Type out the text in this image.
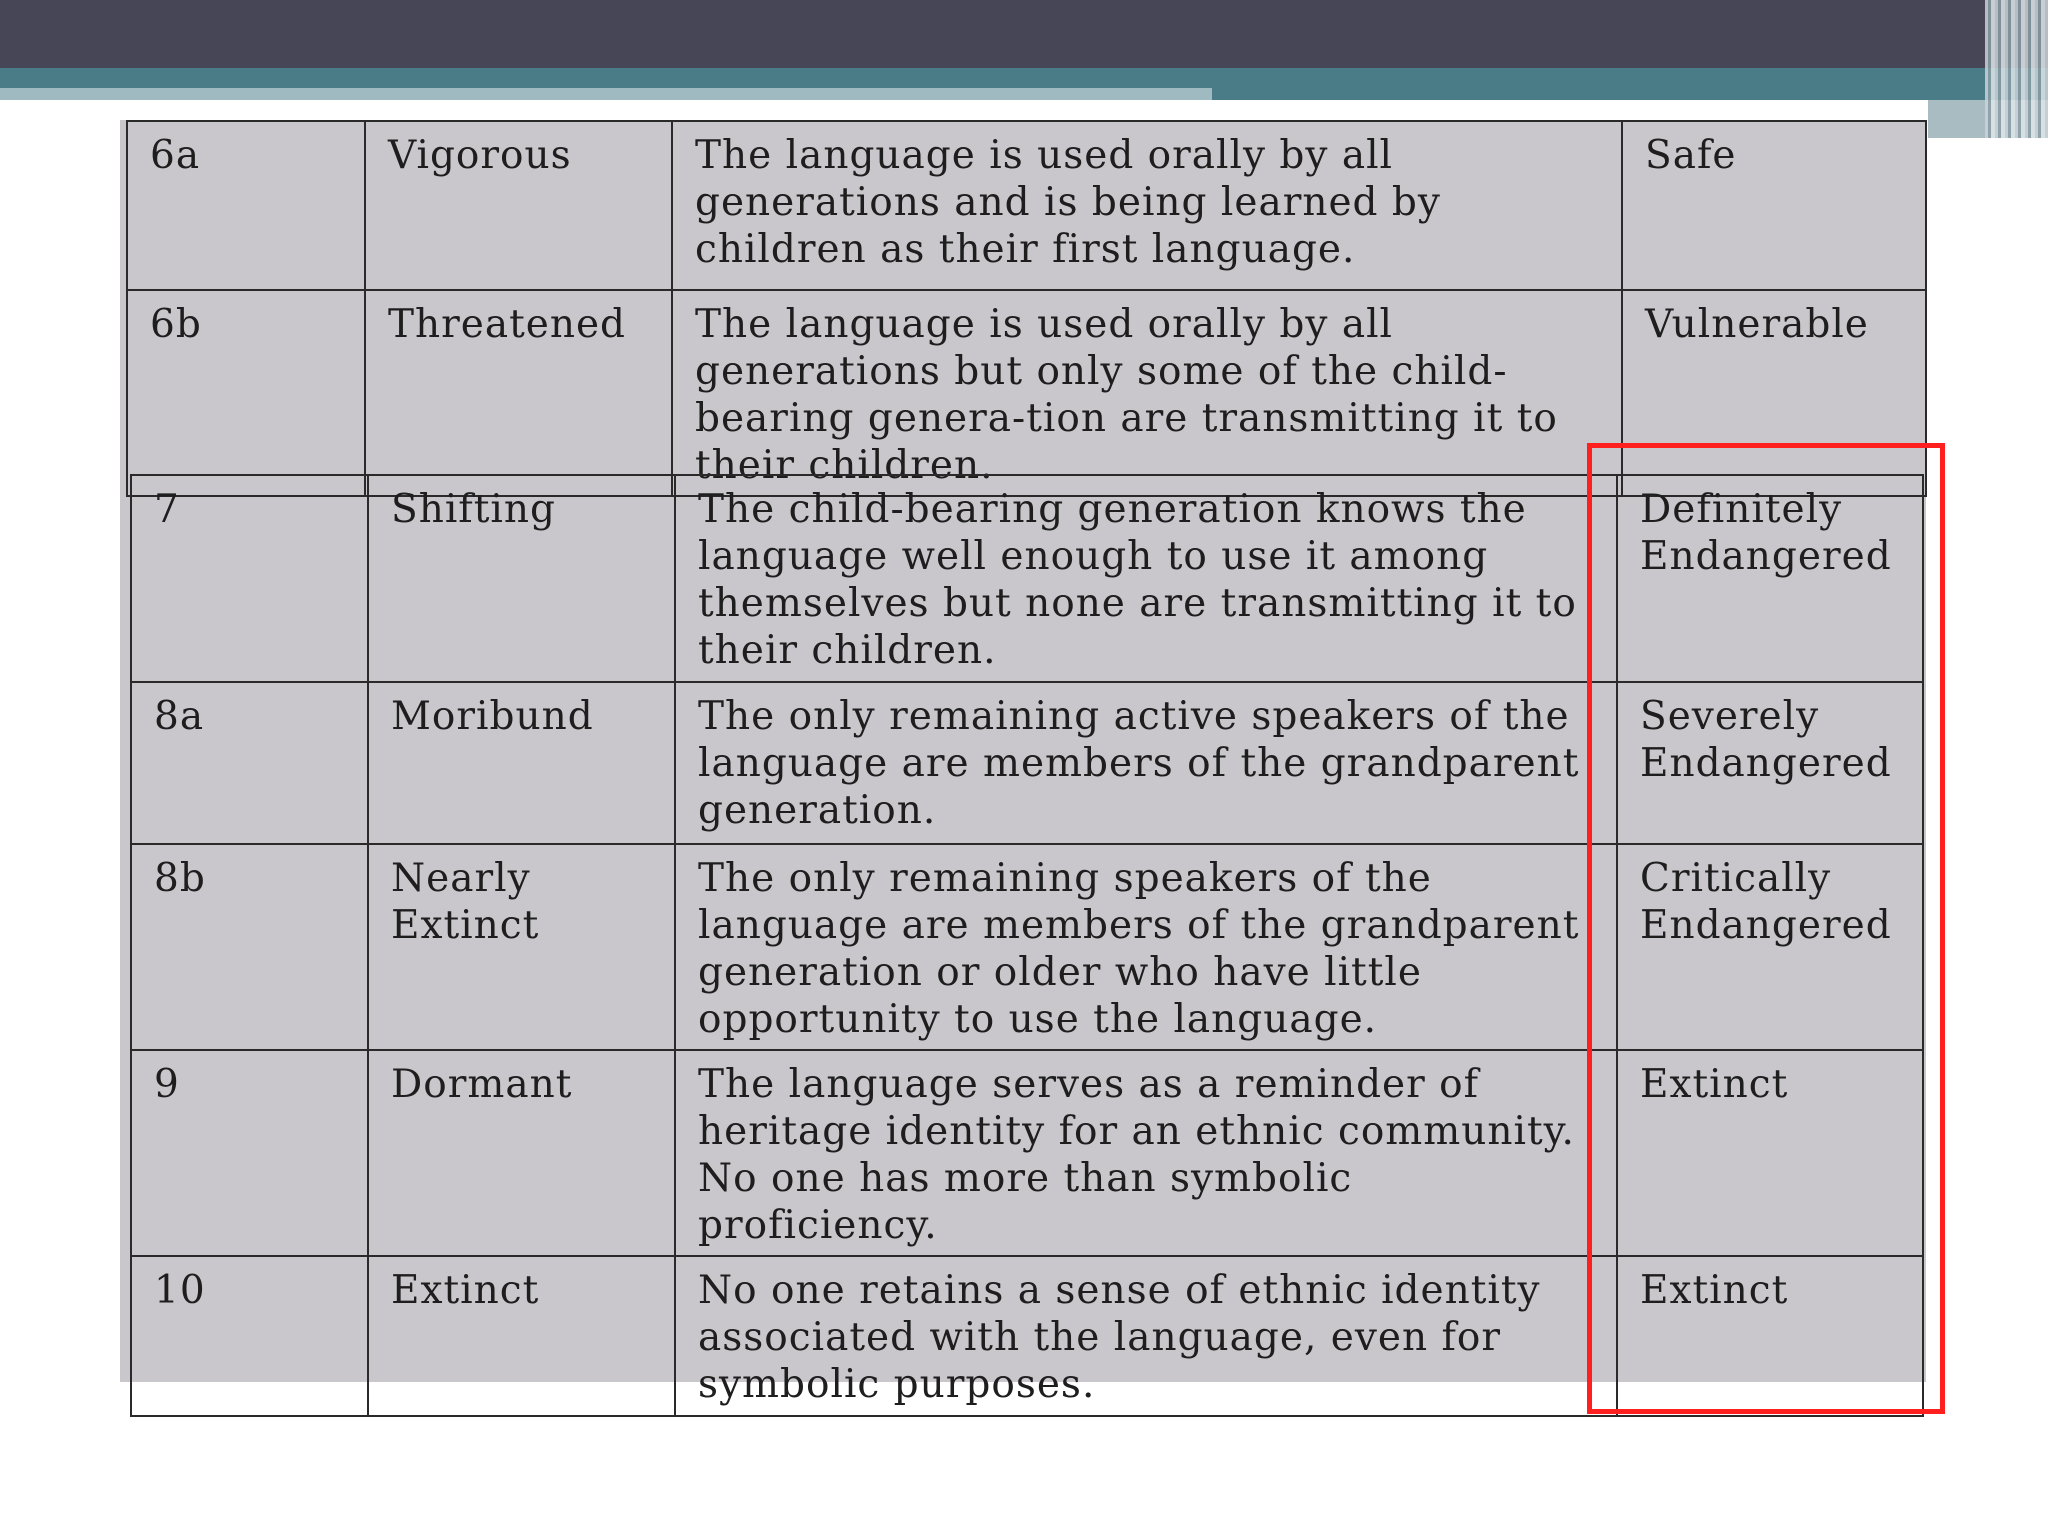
6a	Vigorous	The language is used orally by all generations and is being learned by children as their first language.	Safe
6b	Threatened	The language is used orally by all generations but only some of the child-bearing genera-tion are transmitting it to their children.	Vulnerable
7	Shifting	The child-bearing generation knows the language well enough to use it among themselves but none are transmitting it to their children.	Definitely Endangered
8a	Moribund	The only remaining active speakers of the language are members of the grandparent generation.	Severely Endangered
8b	Nearly Extinct	The only remaining speakers of the language are members of the grandparent generation or older who have little opportunity to use the language.	Critically Endangered
9	Dormant	The language serves as a reminder of heritage identity for an ethnic community. No one has more than symbolic proficiency.	Extinct
10	Extinct	No one retains a sense of ethnic identity associated with the language, even for symbolic purposes.	Extinct
